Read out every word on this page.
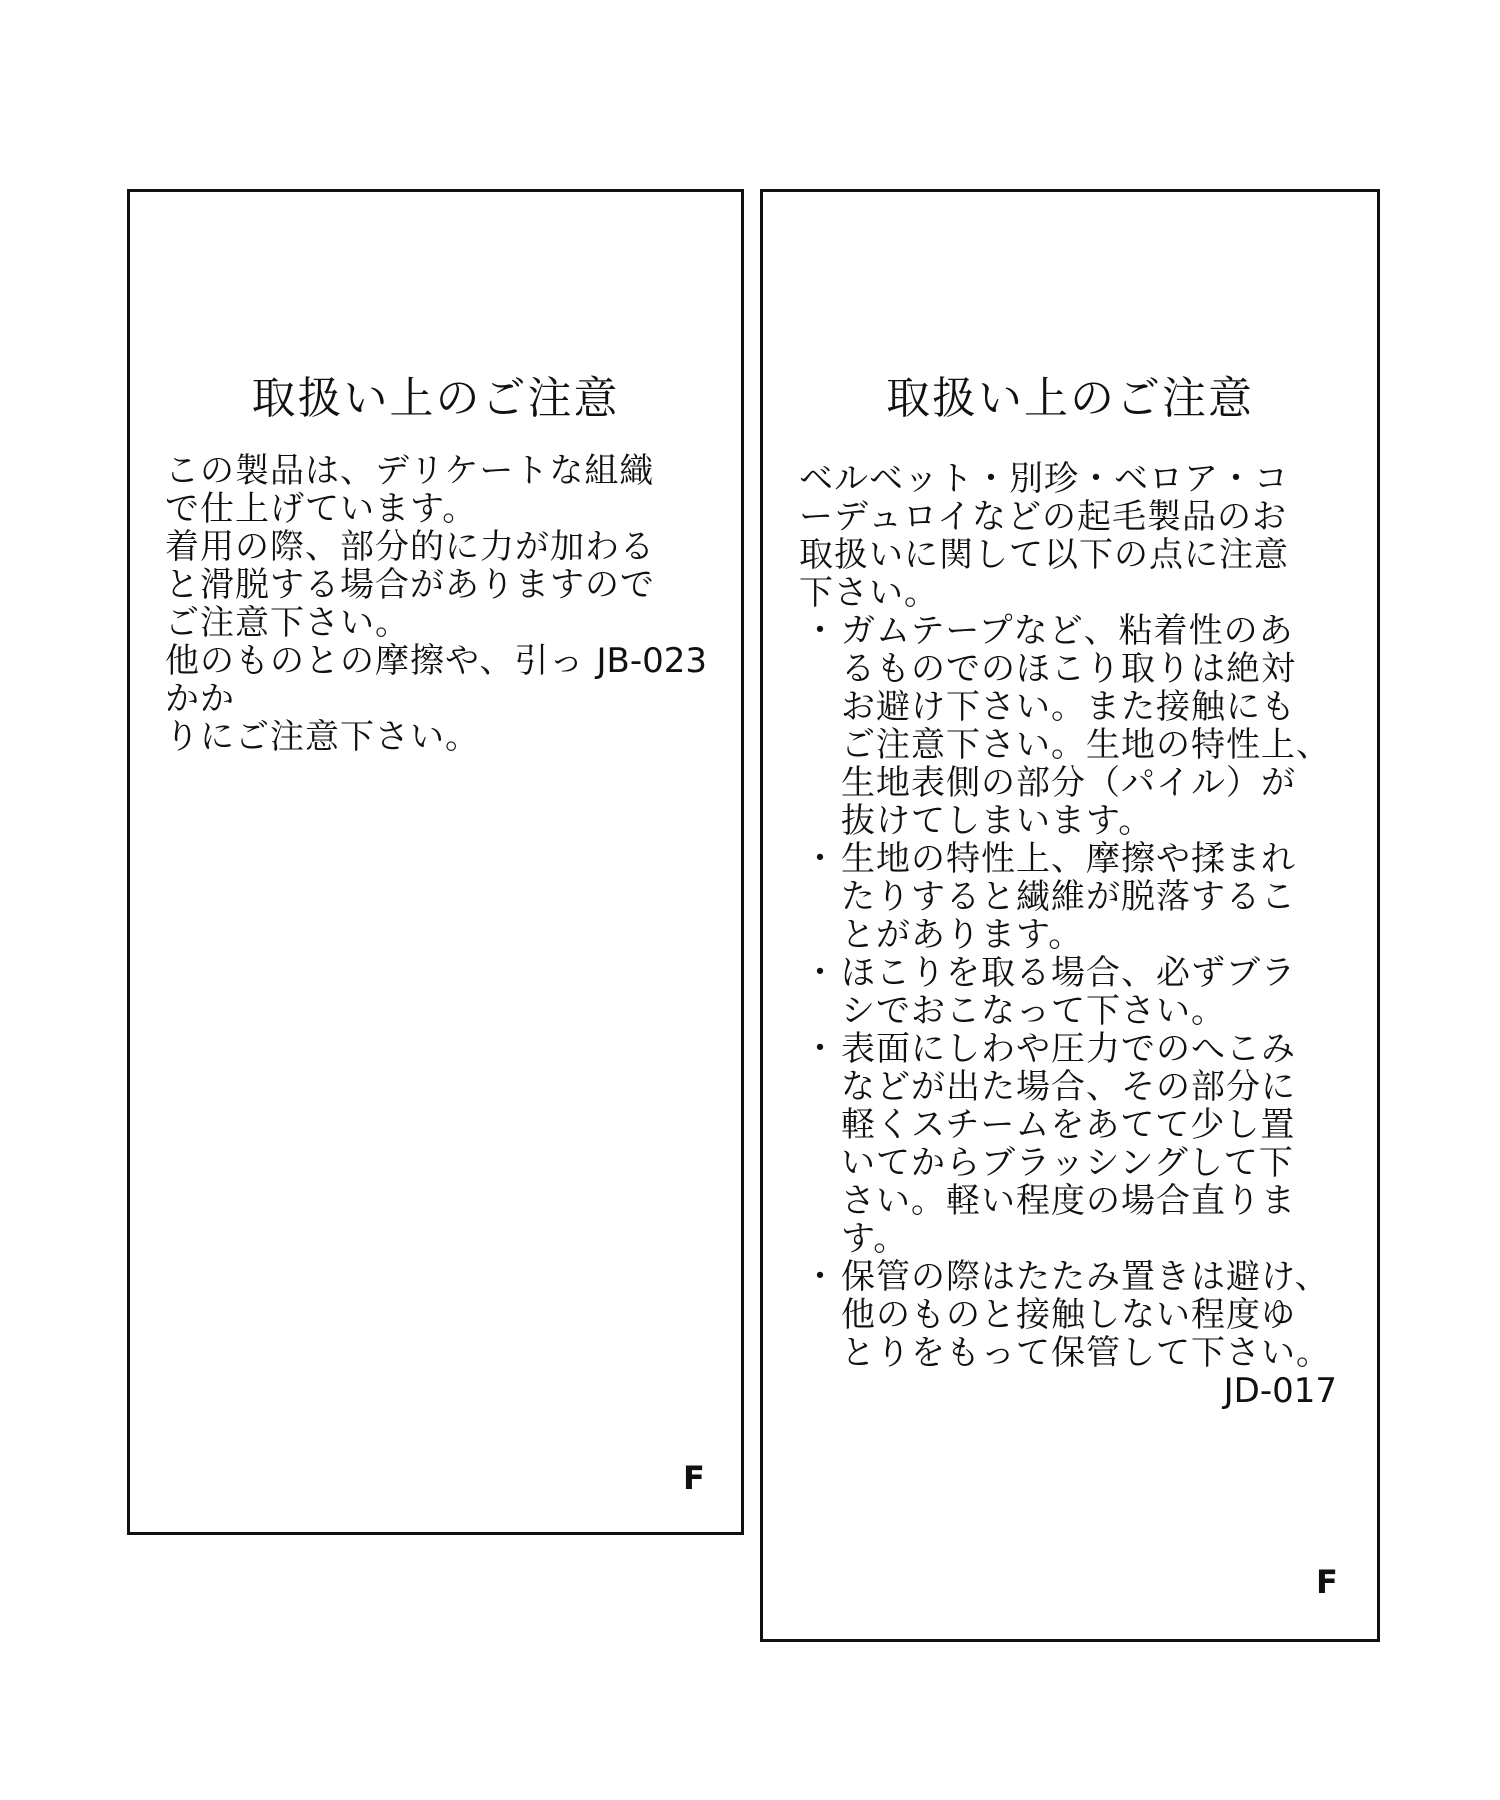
取扱い上のご注意

この製品は、デリケートな組織
で仕上げています。

着用の際、部分的に力が加わる
と滑脱する場合がありますので
ご注意下さい。

JB-023
他のものとの摩擦や、引っかか
りにご注意下さい。

F
取扱い上のご注意

ベルベット・別珍・ベロア・コ
ーデュロイなどの起毛製品のお
取扱いに関して以下の点に注意
下さい。

・ ガムテープなど、粘着性のあ
るものでのほこり取りは絶対
お避け下さい。また接触にも
ご注意下さい。生地の特性上、
生地表側の部分（パイル）が
抜けてしまいます。
・ 生地の特性上、摩擦や揉まれ
たりすると繊維が脱落するこ
とがあります。
・ ほこりを取る場合、必ずブラ
シでおこなって下さい。
・ 表面にしわや圧力でのへこみ
などが出た場合、その部分に
軽くスチームをあてて少し置
いてからブラッシングして下
さい。軽い程度の場合直りま
す。
・ 保管の際はたたみ置きは避け、
他のものと接触しない程度ゆ
とりをもって保管して下さい。
JD-017
F
